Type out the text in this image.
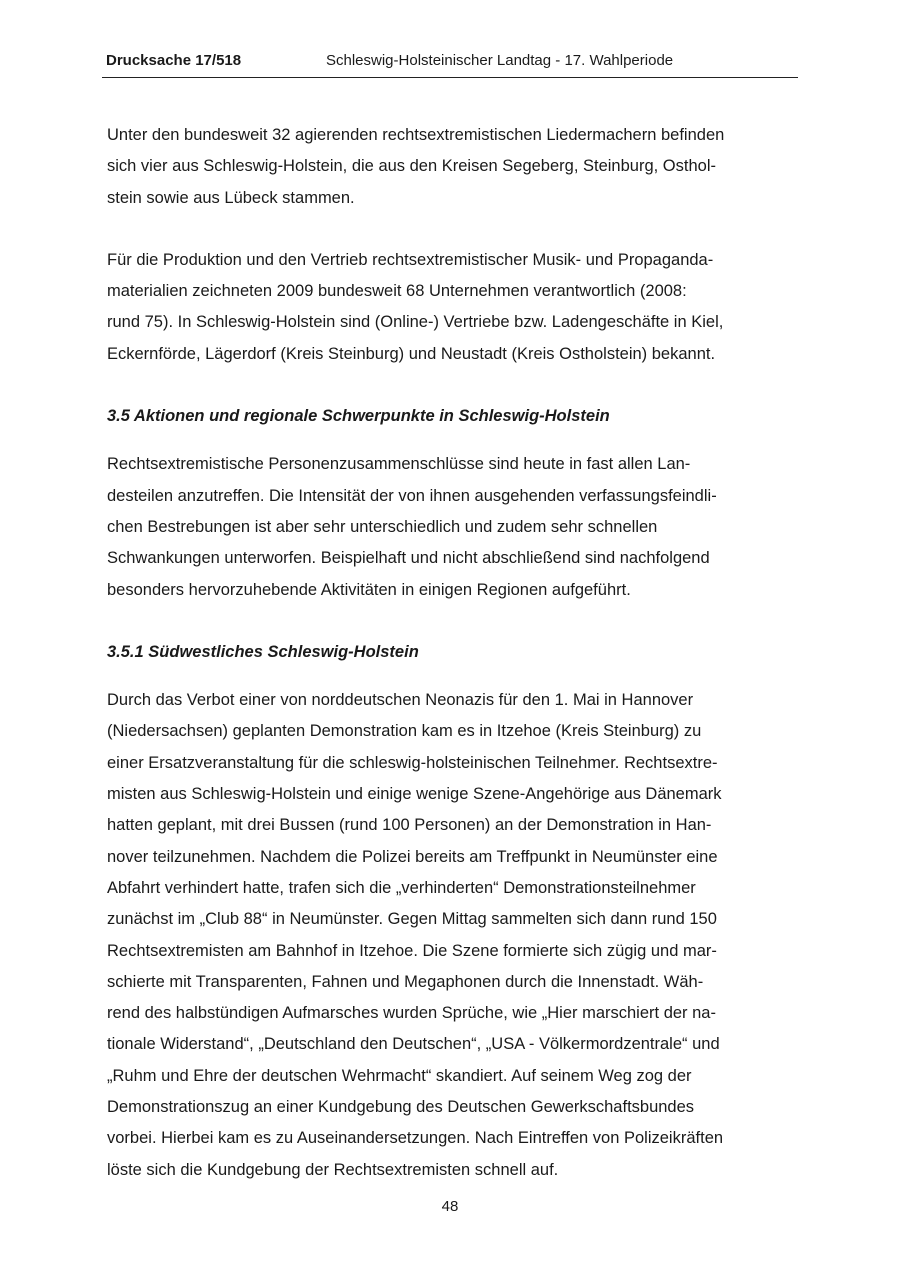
Drucksache 17/518	Schleswig-Holsteinischer Landtag - 17. Wahlperiode

Unter den bundesweit 32 agierenden rechtsextremistischen Liedermachern befinden
sich vier aus Schleswig-Holstein, die aus den Kreisen Segeberg, Steinburg, Osthol-
stein sowie aus Lübeck stammen.

Für die Produktion und den Vertrieb rechtsextremistischer Musik- und Propaganda-
materialien zeichneten 2009 bundesweit 68 Unternehmen verantwortlich (2008:
rund 75). In Schleswig-Holstein sind (Online-) Vertriebe bzw. Ladengeschäfte in Kiel,
Eckernförde, Lägerdorf (Kreis Steinburg) und Neustadt (Kreis Ostholstein) bekannt.

3.5 Aktionen und regionale Schwerpunkte in Schleswig-Holstein

Rechtsextremistische Personenzusammenschlüsse sind heute in fast allen Lan-
desteilen anzutreffen. Die Intensität der von ihnen ausgehenden verfassungsfeindli-
chen Bestrebungen ist aber sehr unterschiedlich und zudem sehr schnellen
Schwankungen unterworfen. Beispielhaft und nicht abschließend sind nachfolgend
besonders hervorzuhebende Aktivitäten in einigen Regionen aufgeführt.

3.5.1 Südwestliches Schleswig-Holstein

Durch das Verbot einer von norddeutschen Neonazis für den 1. Mai in Hannover
(Niedersachsen) geplanten Demonstration kam es in Itzehoe (Kreis Steinburg) zu
einer Ersatzveranstaltung für die schleswig-holsteinischen Teilnehmer. Rechtsextre-
misten aus Schleswig-Holstein und einige wenige Szene-Angehörige aus Dänemark
hatten geplant, mit drei Bussen (rund 100 Personen) an der Demonstration in Han-
nover teilzunehmen. Nachdem die Polizei bereits am Treffpunkt in Neumünster eine
Abfahrt verhindert hatte, trafen sich die „verhinderten“ Demonstrationsteilnehmer
zunächst im „Club 88“ in Neumünster. Gegen Mittag sammelten sich dann rund 150
Rechtsextremisten am Bahnhof in Itzehoe. Die Szene formierte sich zügig und mar-
schierte mit Transparenten, Fahnen und Megaphonen durch die Innenstadt. Wäh-
rend des halbstündigen Aufmarsches wurden Sprüche, wie „Hier marschiert der na-
tionale Widerstand“, „Deutschland den Deutschen“, „USA - Völkermordzentrale“ und
„Ruhm und Ehre der deutschen Wehrmacht“ skandiert. Auf seinem Weg zog der
Demonstrationszug an einer Kundgebung des Deutschen Gewerkschaftsbundes
vorbei. Hierbei kam es zu Auseinandersetzungen. Nach Eintreffen von Polizeikräften
löste sich die Kundgebung der Rechtsextremisten schnell auf.

48
